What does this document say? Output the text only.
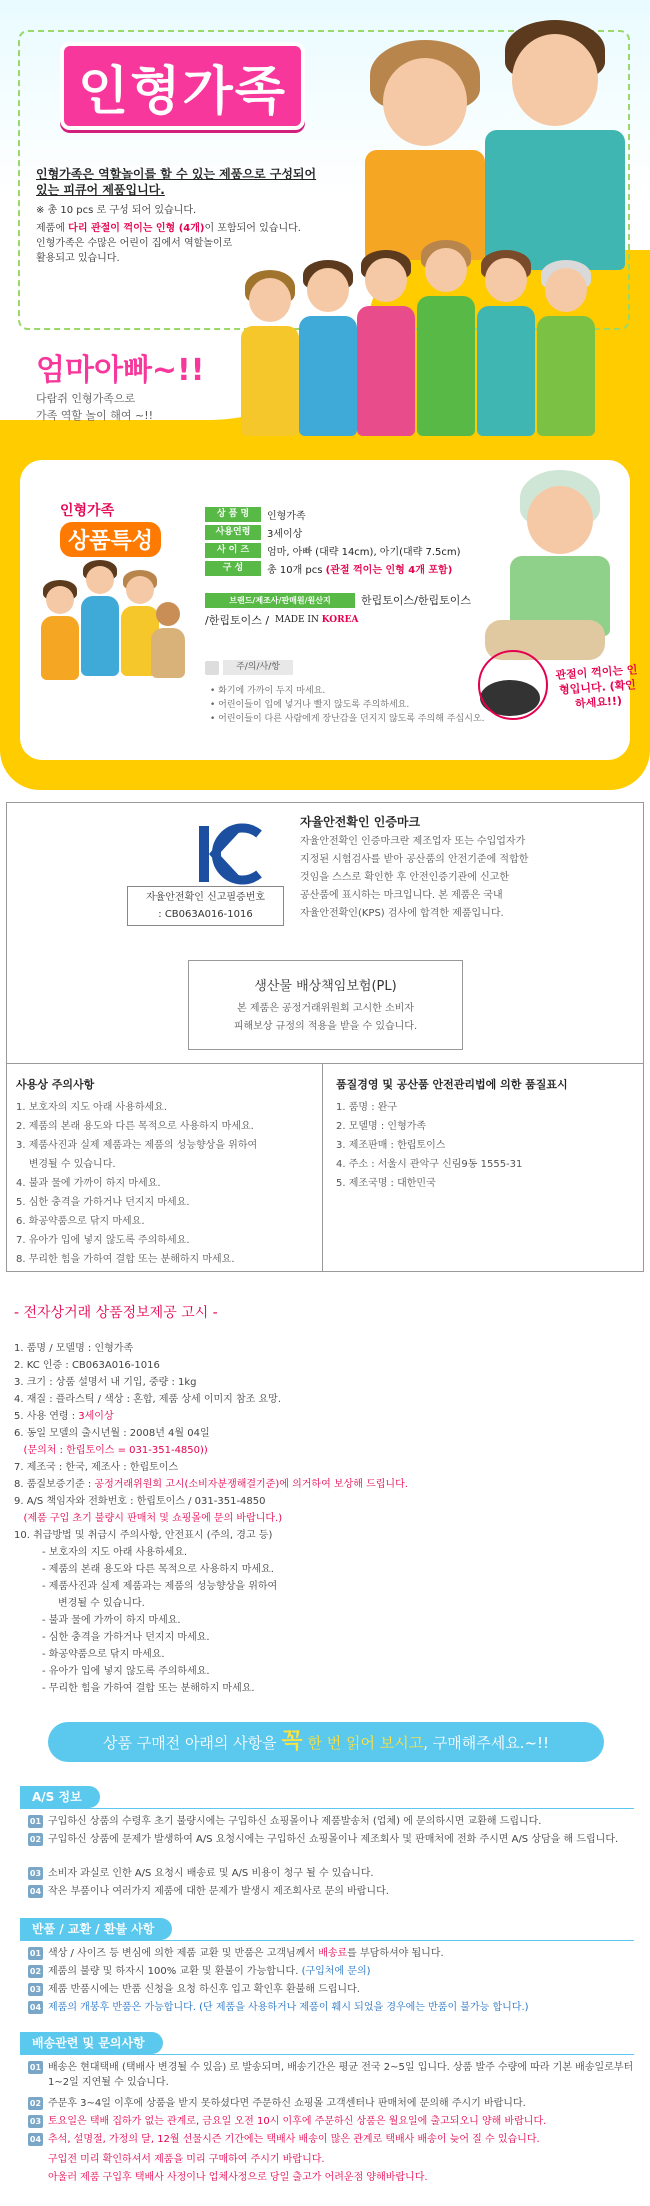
인형가족
인형가족은 역할놀이를 할 수 있는 제품으로 구성되어
있는 피큐어 제품입니다.
※ 총 10 pcs 로 구성 되어 있습니다.
제품에 다리 관절이 꺽이는 인형 (4개)이 포함되어 있습니다.
인형가족은 수많은 어린이 집에서 역할놀이로
활용되고 있습니다.
엄마아빠~!!
다람쥐 인형가족으로
가족 역할 놀이 해여 ~!!
인형가족
상품특성
상 품 명	인형가족
사용연령	3세이상
사 이 즈	엄마, 아빠 (대략 14cm), 아기(대략 7.5cm)
구 성	총 10개 pcs (관절 꺽이는 인형 4개 포함)
브랜드/제조사/판매원/원산지	한립토이스/한립토이스
/한립토이스 / MADE IN KOREA
주/의/사/항
• 화기에 가까이 두지 마세요.
• 어린이들이 입에 넣거나 빨지 않도록 주의하세요.
• 어린이들이 다른 사람에게 장난감을 던지지 않도록 주의해 주십시오.
관절이 꺽이는 인형입니다. (확인하세요!!)
자율안전확인 신고필증번호
: CB063A016-1016
자율안전확인 인증마크
자율안전확인 인증마크란 제조업자 또는 수입업자가
지정된 시험검사를 받아 공산품의 안전기준에 적합한
것임을 스스로 확인한 후 안전인증기관에 신고한
공산품에 표시하는 마크입니다. 본 제품은 국내
자율안전확인(KPS) 검사에 합격한 제품입니다.
생산물 배상책임보험(PL)
본 제품은 공정거래위원회 고시한 소비자
피해보상 규정의 적용을 받을 수 있습니다.
사용상 주의사항
1. 보호자의 지도 아래 사용하세요.
2. 제품의 본래 용도와 다른 목적으로 사용하지 마세요.
3. 제품사진과 실제 제품과는 제품의 성능향상을 위하여
변경될 수 있습니다.
4. 불과 물에 가까이 하지 마세요.
5. 심한 충격을 가하거나 던지지 마세요.
6. 화공약품으로 닦지 마세요.
7. 유아가 입에 넣지 않도록 주의하세요.
8. 무리한 힘을 가하여 결합 또는 분해하지 마세요.
품질경영 및 공산품 안전관리법에 의한 품질표시
1. 품명 : 완구
2. 모델명 : 인형가족
3. 제조판매 : 한립토이스
4. 주소 : 서울시 관악구 신림9동 1555-31
5. 제조국명 : 대한민국
- 전자상거래 상품정보제공 고시 -
1. 품명 / 모델명 : 인형가족
2. KC 인증 : CB063A016-1016
3. 크기 : 상품 설명서 내 기입, 중량 : 1kg
4. 재질 : 플라스틱 / 색상 : 혼합, 제품 상세 이미지 참조 요망.
5. 사용 연령 : 3세이상
6. 동일 모델의 출시년월 : 2008년 4월 04일
(문의처 : 한립토이스 = 031-351-4850))
7. 제조국 : 한국, 제조사 : 한립토이스
8. 품질보증기준 : 공정거래위원회 고시(소비자분쟁해결기준)에 의거하여 보상해 드립니다.
9. A/S 책임자와 전화번호 : 한립토이스 / 031-351-4850
(제품 구입 초기 불량시 판매처 및 쇼핑몰에 문의 바랍니다.)
10. 취급방법 및 취급시 주의사항, 안전표시 (주의, 경고 등)
- 보호자의 지도 아래 사용하세요.
- 제품의 본래 용도와 다른 목적으로 사용하지 마세요.
- 제품사진과 실제 제품과는 제품의 성능향상을 위하여
변경될 수 있습니다.
- 불과 물에 가까이 하지 마세요.
- 심한 충격을 가하거나 던지지 마세요.
- 화공약품으로 닦지 마세요.
- 유아가 입에 넣지 않도록 주의하세요.
- 무리한 힘을 가하여 결합 또는 분해하지 마세요.
상품 구매전 아래의 사항을 꼭 한 번 읽어 보시고, 구매해주세요.~!!
A/S 정보
01 구입하신 상품의 수령후 초기 불량시에는 구입하신 쇼핑몰이나 제품발송처 (업체) 에 문의하시면 교환해 드립니다.
02 구입하신 상품에 문제가 발생하여 A/S 요청시에는 구입하신 쇼핑몰이나 제조회사 및 판매처에 전화 주시면 A/S 상담을 해 드립니다.
03 소비자 과실로 인한 A/S 요청시 배송료 및 A/S 비용이 청구 될 수 있습니다.
04 작은 부품이나 여러가지 제품에 대한 문제가 발생시 제조회사로 문의 바랍니다.
반품 / 교환 / 환불 사항
01 색상 / 사이즈 등 변심에 의한 제품 교환 및 반품은 고객님께서 배송료를 부담하셔야 됩니다.
02 제품의 불량 및 하자시 100% 교환 및 환불이 가능합니다. (구입처에 문의)
03 제품 반품시에는 반품 신청을 요청 하신후 입고 확인후 환불해 드립니다.
04 제품의 개봉후 반품은 가능합니다. (단 제품을 사용하거나 제품이 훼시 되었을 경우에는 반품이 불가능 합니다.)
배송관련 및 문의사항
01 배송은 현대택배 (택배사 변경될 수 있음) 로 발송되며, 배송기간은 평균 전국 2~5일 입니다. 상품 발주 수량에 따라 기본 배송일로부터 1~2일 지연될 수 있습니다.
02 주문후 3~4일 이후에 상품을 받지 못하셨다면 주문하신 쇼핑몰 고객센터나 판매처에 문의해 주시기 바랍니다.
03 토요일은 택배 집하가 없는 관계로, 금요일 오전 10시 이후에 주문하신 상품은 월요일에 출고되오니 양해 바랍니다.
04 추석, 설명절, 가정의 달, 12월 선물시즌 기간에는 택배사 배송이 많은 관계로 택배사 배송이 늦어 질 수 있습니다.
구입전 미리 확인하셔서 제품을 미리 구매하여 주시기 바랍니다.
아울러 제품 구입후 택배사 사정이나 업체사정으로 당일 출고가 어려운점 양해바랍니다.
